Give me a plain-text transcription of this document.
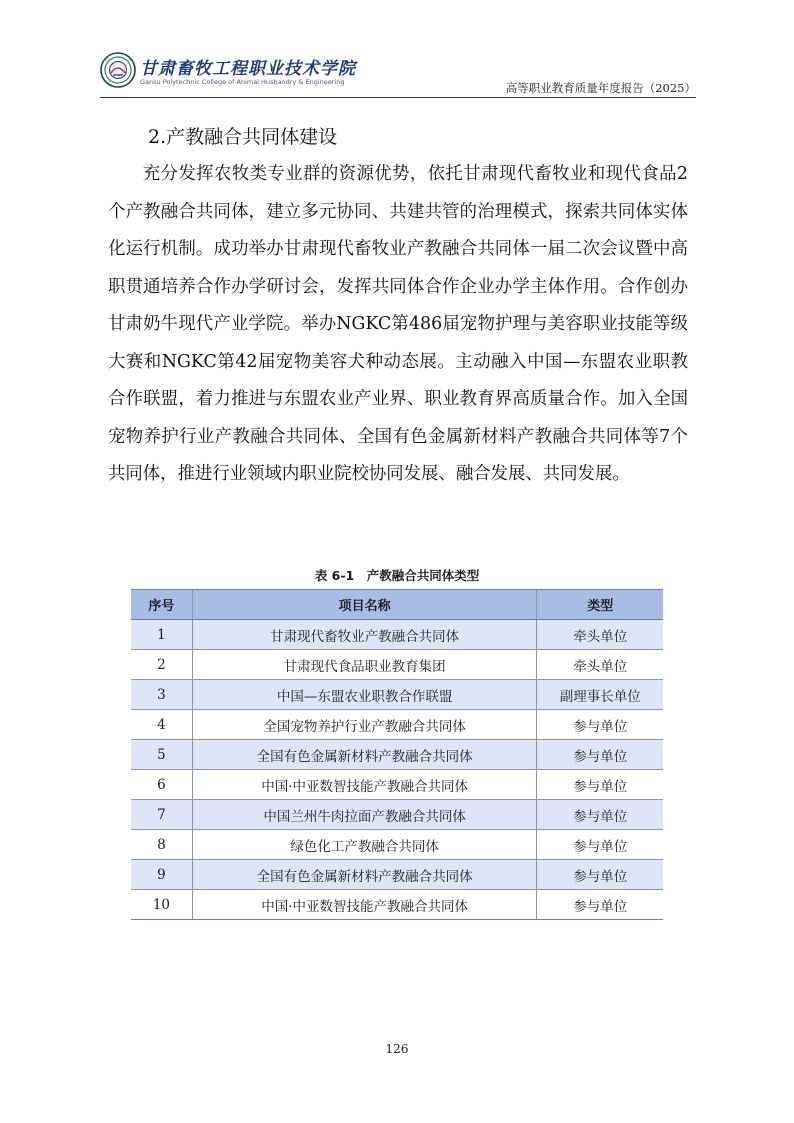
甘肃畜牧工程职业技术学院
Gansu Polytechnic College of Animal Husbandry & Engineering	高等职业教育质量年度报告（2025）
2.产教融合共同体建设

充分发挥农牧类专业群的资源优势，依托甘肃现代畜牧业和现代食品2个产教融合共同体，建立多元协同、共建共管的治理模式，探索共同体实体化运行机制。成功举办甘肃现代畜牧业产教融合共同体一届二次会议暨中高职贯通培养合作办学研讨会，发挥共同体合作企业办学主体作用。合作创办甘肃奶牛现代产业学院。举办NGKC第486届宠物护理与美容职业技能等级大赛和NGKC第42届宠物美容犬种动态展。主动融入中国—东盟农业职教合作联盟，着力推进与东盟农业产业界、职业教育界高质量合作。加入全国宠物养护行业产教融合共同体、全国有色金属新材料产教融合共同体等7个共同体，推进行业领域内职业院校协同发展、融合发展、共同发展。

表 6-1　产教融合共同体类型
序号	项目名称	类型
1	甘肃现代畜牧业产教融合共同体	牵头单位
2	甘肃现代食品职业教育集团	牵头单位
3	中国—东盟农业职教合作联盟	副理事长单位
4	全国宠物养护行业产教融合共同体	参与单位
5	全国有色金属新材料产教融合共同体	参与单位
6	中国·中亚数智技能产教融合共同体	参与单位
7	中国兰州牛肉拉面产教融合共同体	参与单位
8	绿色化工产教融合共同体	参与单位
9	全国有色金属新材料产教融合共同体	参与单位
10	中国·中亚数智技能产教融合共同体	参与单位
126
